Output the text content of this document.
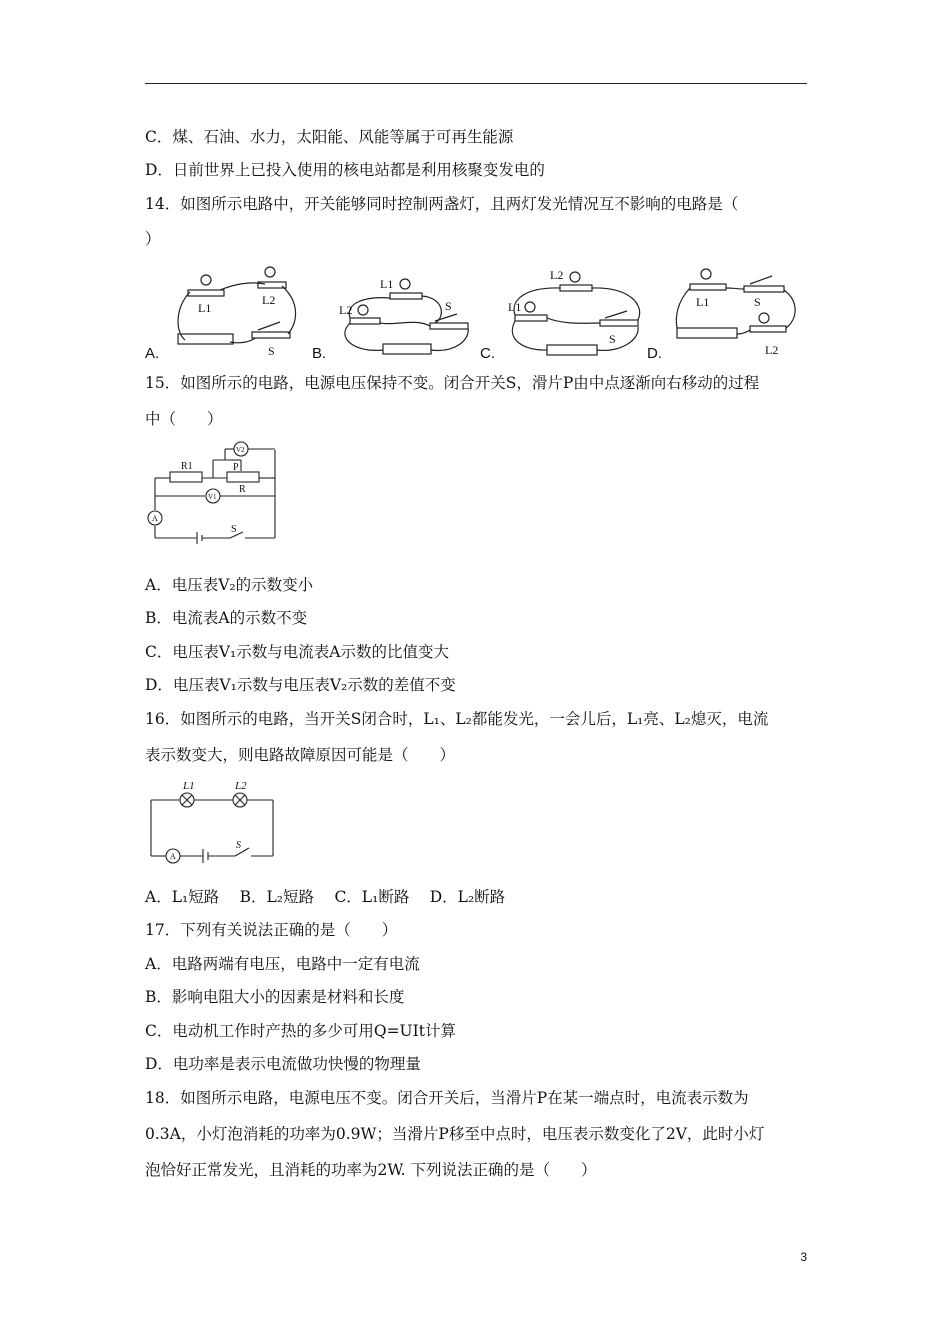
C．煤、石油、水力，太阳能、风能等属于可再生能源
D．日前世界上已投入使用的核电站都是利用核聚变发电的
14．如图所示电路中，开关能够同时控制两盏灯，且两灯发光情况互不影响的电路是（
）
A.	B.	C.	D.
L1
L2
S
L1
L2	S
L2
L1
S
L1	S
L2
15．如图所示的电路，电源电压保持不变。闭合开关S，滑片P由中点逐渐向右移动的过程
中（　　）
R1	P
R
V2
V1
A
S
A．电压表V₂的示数变小
B．电流表A的示数不变
C．电压表V₁示数与电流表A示数的比值变大
D．电压表V₁示数与电压表V₂示数的差值不变
16．如图所示的电路，当开关S闭合时，L₁、L₂都能发光，一会儿后，L₁亮、L₂熄灭，电流
表示数变大，则电路故障原因可能是（　　）
L1	L2
A
S
A．L₁短路　 B．L₂短路　 C．L₁断路　 D．L₂断路
17．下列有关说法正确的是（　　）
A．电路两端有电压，电路中一定有电流
B．影响电阻大小的因素是材料和长度
C．电动机工作时产热的多少可用Q=UIt计算
D．电功率是表示电流做功快慢的物理量
18．如图所示电路，电源电压不变。闭合开关后，当滑片P在某一端点时，电流表示数为
0.3A，小灯泡消耗的功率为0.9W；当滑片P移至中点时，电压表示数变化了2V，此时小灯
泡恰好正常发光，且消耗的功率为2W. 下列说法正确的是（　　）
3
